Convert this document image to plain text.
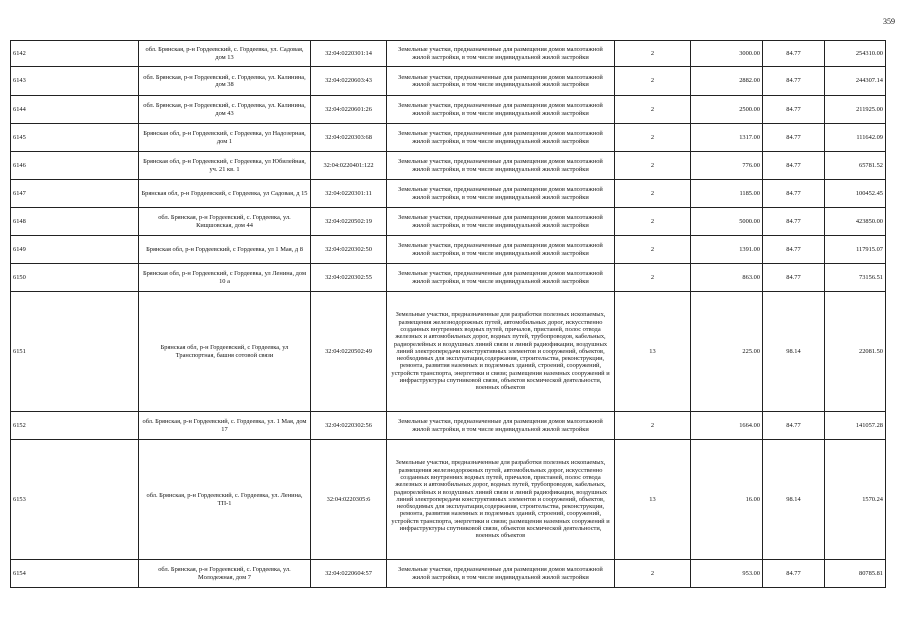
359
6142	обл. Брянская, р-н Гордеевский, с. Гордеевка, ул. Садовая, дом 13	32:04:0220301:14	Земельные участки, предназначенные для размещения домов малоэтажной жилой застройки, в том числе индивидуальной жилой застройки	2	3000.00	84.77	254310.00
6143	обл. Брянская, р-н Гордеевский, с. Гордеевка, ул. Калинина, дом 38	32:04:0220603:43	Земельные участки, предназначенные для размещения домов малоэтажной жилой застройки, в том числе индивидуальной жилой застройки	2	2882.00	84.77	244307.14
6144	обл. Брянская, р-н Гордеевский, с. Гордеевка, ул. Калинина, дом 43	32:04:0220601:26	Земельные участки, предназначенные для размещения домов малоэтажной жилой застройки, в том числе индивидуальной жилой застройки	2	2500.00	84.77	211925.00
6145	Брянская обл, р-н Гордеевский, с Гордеевка, ул Надозерная, дом 1	32:04:0220303:68	Земельные участки, предназначенные для размещения домов малоэтажной жилой застройки, в том числе индивидуальной жилой застройки	2	1317.00	84.77	111642.09
6146	Брянская обл, р-н Гордеевский, с Гордеевка, ул Юбилейная, уч. 21 кв. 1	32:04:0220401:122	Земельные участки, предназначенные для размещения домов малоэтажной жилой застройки, в том числе индивидуальной жилой застройки	2	776.00	84.77	65781.52
6147	Брянская обл, р-н Гордеевский, с Гордеевка, ул Садовая, д 15	32:04:0220301:11	Земельные участки, предназначенные для размещения домов малоэтажной жилой застройки, в том числе индивидуальной жилой застройки	2	1185.00	84.77	100452.45
6148	обл. Брянская, р-н Гордеевский, с. Гордеевка, ул. Кищшовская, дом 44	32:04:0220502:19	Земельные участки, предназначенные для размещения домов малоэтажной жилой застройки, в том числе индивидуальной жилой застройки	2	5000.00	84.77	423850.00
6149	Брянская обл, р-н Гордеевский, с Гордеевка, ул 1 Мая, д 8	32:04:0220302:50	Земельные участки, предназначенные для размещения домов малоэтажной жилой застройки, в том числе индивидуальной жилой застройки	2	1391.00	84.77	117915.07
6150	Брянская обл, р-н Гордеевский, с Гордеевка, ул Ленина, дом 10 а	32:04:0220302:55	Земельные участки, предназначенные для размещения домов малоэтажной жилой застройки, в том числе индивидуальной жилой застройки	2	863.00	84.77	73156.51
6151	Брянская обл, р-н Гордеевский, с Гордеевка, ул Транспортная, башня сотовой связи	32:04:0220502:49	Земельные участки, предназначенные для разработки полезных ископаемых, размещения железнодорожных путей, автомобильных дорог, искусственно созданных внутренних водных путей, причалов, пристаней, полос отвода железных и автомобильных дорог, водных путей, трубопроводов, кабельных, радиорелейных и воздушных линий связи и линий радиофикации, воздушных линий электропередачи конструктивных элементов и сооружений, объектов, необходимых для эксплуатации,содержания, строительства, реконструкции, ремонта, развития наземных и подземных зданий, строений, сооружений, устройств транспорта, энергетики и связи; размещения наземных сооружений и инфраструктуры спутниковой связи, объектов космической деятельности, военных объектов	13	225.00	98.14	22081.50
6152	обл. Брянская, р-н Гордеевский, с. Гордеевка, ул. 1 Мая, дом 17	32:04:0220302:56	Земельные участки, предназначенные для размещения домов малоэтажной жилой застройки, в том числе индивидуальной жилой застройки	2	1664.00	84.77	141057.28
6153	обл. Брянская, р-н Гордеевский, с. Гордеевка, ул. Ленина, ТП-1	32:04:0220305:6	Земельные участки, предназначенные для разработки полезных ископаемых, размещения железнодорожных путей, автомобильных дорог, искусственно созданных внутренних водных путей, причалов, пристаней, полос отвода железных и автомобильных дорог, водных путей, трубопроводов, кабельных, радиорелейных и воздушных линий связи и линий радиофикации, воздушных линий электропередачи конструктивных элементов и сооружений, объектов, необходимых для эксплуатации,содержания, строительства, реконструкции, ремонта, развития наземных и подземных зданий, строений, сооружений, устройств транспорта, энергетики и связи; размещения наземных сооружений и инфраструктуры спутниковой связи, объектов космической деятельности, военных объектов	13	16.00	98.14	1570.24
6154	обл. Брянская, р-н Гордеевский, с. Гордеевка, ул. Молодежная, дом 7	32:04:0220604:57	Земельные участки, предназначенные для размещения домов малоэтажной жилой застройки, в том числе индивидуальной жилой застройки	2	953.00	84.77	80785.81
